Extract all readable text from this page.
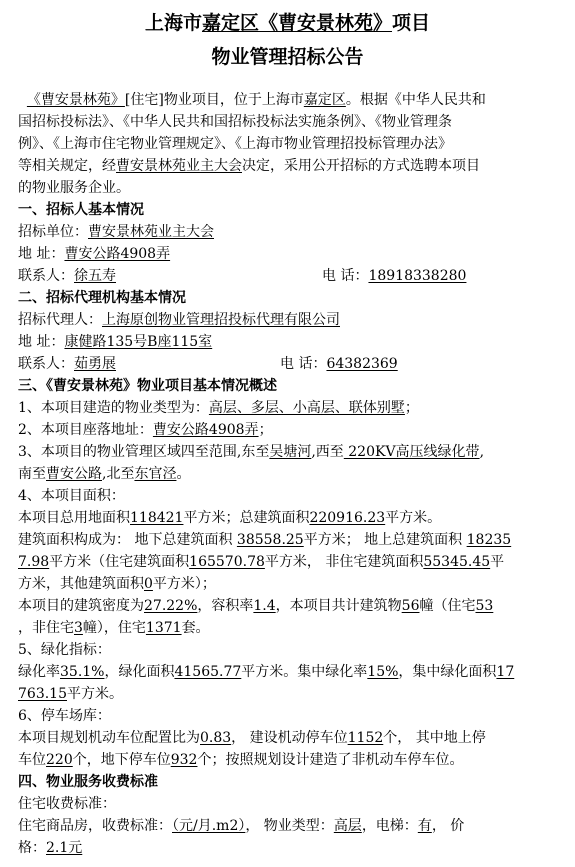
上海市嘉定区《曹安景林苑》项目
物业管理招标公告
《曹安景林苑》[住宅]物业项目，位于上海市嘉定区。根据《中华人民共和
国招标投标法》、《中华人民共和国招标投标法实施条例》、《物业管理条
例》、《上海市住宅物业管理规定》、《上海市物业管理招投标管理办法》
等相关规定，经曹安景林苑业主大会决定，采用公开招标的方式选聘本项目
的物业服务企业。
一、招标人基本情况
招标单位：曹安景林苑业主大会
地 址：曹安公路4908弄
联系人：徐五寿	电 话：18918338280
二、招标代理机构基本情况
招标代理人：上海原创物业管理招投标代理有限公司
地 址：康健路135号B座115室
联系人：茹勇展	电 话：64382369
三、《曹安景林苑》物业项目基本情况概述
1、本项目建造的物业类型为：高层、多层、小高层、联体别墅；
2、本项目座落地址：曹安公路4908弄；
3、本项目的物业管理区域四至范围,东至吴塘河,西至 220KV高压线绿化带,
南至曹安公路,北至东官泾。
4、本项目面积：
本项目总用地面积118421平方米；总建筑面积220916.23平方米。
建筑面积构成为： 地下总建筑面积 38558.25平方米； 地上总建筑面积 18235
7.98平方米（住宅建筑面积165570.78平方米， 非住宅建筑面积55345.45平
方米，其他建筑面积0平方米）；
本项目的建筑密度为27.22%，容积率1.4，本项目共计建筑物56幢（住宅53
，非住宅3幢），住宅1371套。
5、绿化指标：
绿化率35.1%，绿化面积41565.77平方米。集中绿化率15%，集中绿化面积17
763.15平方米。
6、停车场库：
本项目规划机动车位配置比为0.83， 建设机动停车位1152个， 其中地上停
车位220个，地下停车位932个；按照规划设计建造了非机动车停车位。
四、物业服务收费标准
住宅收费标准：
住宅商品房，收费标准：（元/月.m2）， 物业类型：高层，电梯：有， 价
格：2.1元
